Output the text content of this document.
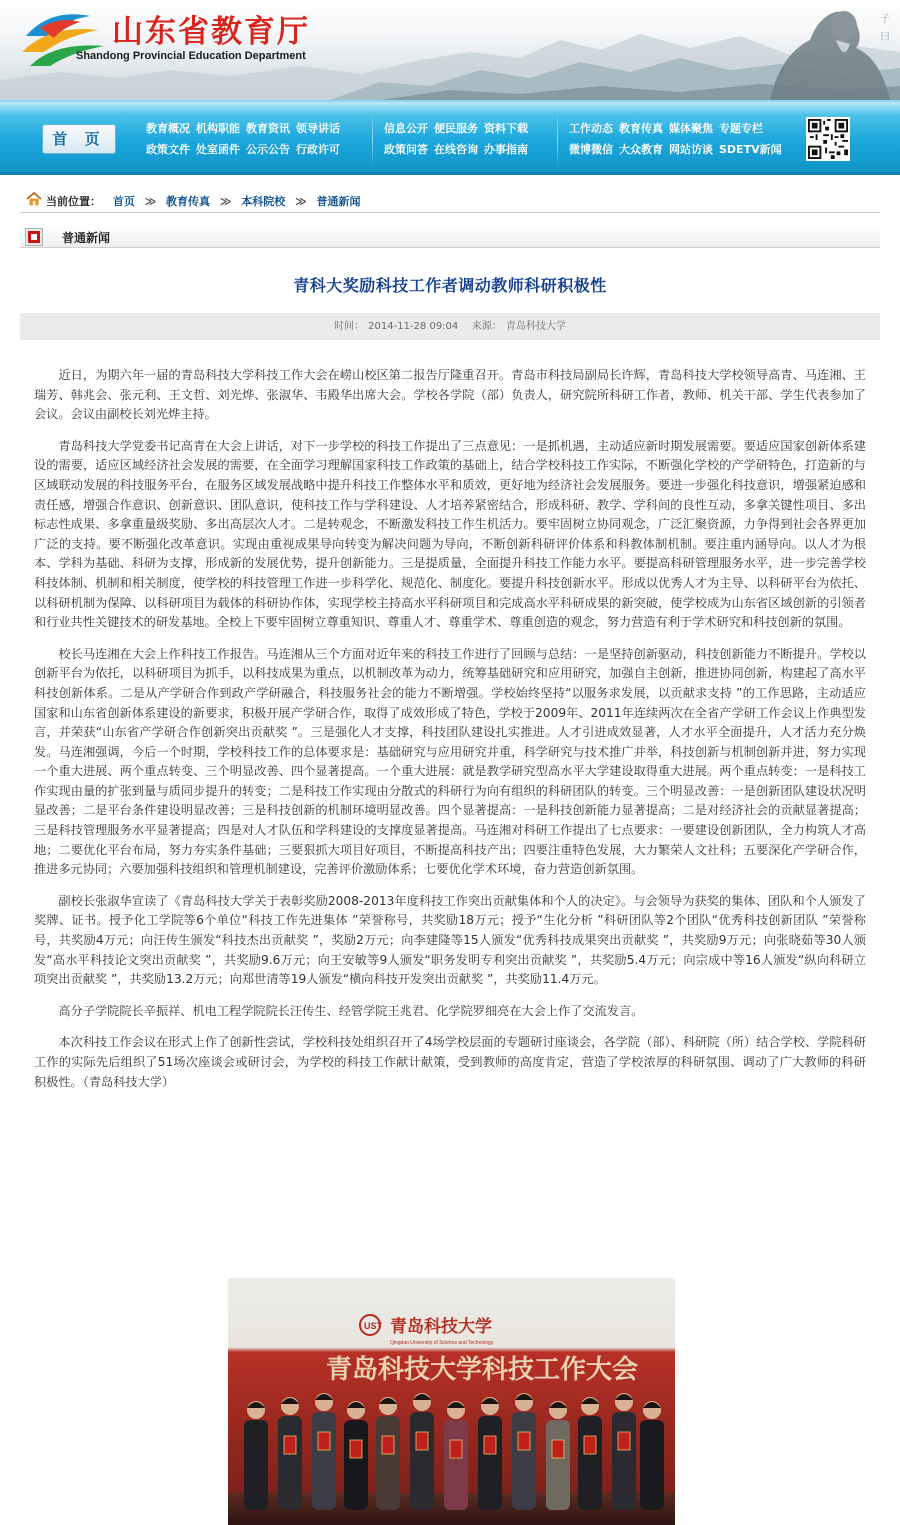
山东省教育厅
Shandong Provincial Education Department
子
曰
首 页
教育概况 机构职能 教育资讯 领导讲话
政策文件 处室函件 公示公告 行政许可
信息公开 便民服务 资料下载
政策问答 在线咨询 办事指南
工作动态 教育传真 媒体聚焦 专题专栏
微博微信 大众教育 网站访谈 SDETV新闻
当前位置： 首页 ≫ 教育传真 ≫ 本科院校 ≫ 普通新闻
普通新闻
青科大奖励科技工作者调动教师科研积极性
时间： 2014-11-28 09:04 来源： 青岛科技大学

近日，为期六年一届的青岛科技大学科技工作大会在崂山校区第二报告厅隆重召开。青岛市科技局副局长许辉，青岛科技大学校领导高青、马连湘、王瑞芳、韩兆会、张元利、王文哲、刘光烨、张淑华、韦殿华出席大会。学校各学院（部）负责人，研究院所科研工作者，教师、机关干部、学生代表参加了会议。会议由副校长刘光烨主持。

青岛科技大学党委书记高青在大会上讲话，对下一步学校的科技工作提出了三点意见：一是抓机遇，主动适应新时期发展需要。要适应国家创新体系建设的需要，适应区域经济社会发展的需要，在全面学习理解国家科技工作政策的基础上，结合学校科技工作实际，不断强化学校的产学研特色，打造新的与区域联动发展的科技服务平台，在服务区域发展战略中提升科技工作整体水平和质效，更好地为经济社会发展服务。要进一步强化科技意识，增强紧迫感和责任感，增强合作意识、创新意识、团队意识，使科技工作与学科建设、人才培养紧密结合，形成科研、教学、学科间的良性互动，多拿关键性项目、多出标志性成果、多拿重量级奖励、多出高层次人才。二是转观念，不断激发科技工作生机活力。要牢固树立协同观念，广泛汇聚资源，力争得到社会各界更加广泛的支持。要不断强化改革意识。实现由重视成果导向转变为解决问题为导向，不断创新科研评价体系和科教体制机制。要注重内涵导向。以人才为根本、学科为基础、科研为支撑，形成新的发展优势，提升创新能力。三是提质量，全面提升科技工作能力水平。要提高科研管理服务水平，进一步完善学校科技体制、机制和相关制度，使学校的科技管理工作进一步科学化、规范化、制度化。要提升科技创新水平。形成以优秀人才为主导、以科研平台为依托、以科研机制为保障、以科研项目为载体的科研协作体，实现学校主持高水平科研项目和完成高水平科研成果的新突破，使学校成为山东省区域创新的引领者和行业共性关键技术的研发基地。全校上下要牢固树立尊重知识、尊重人才、尊重学术、尊重创造的观念，努力营造有利于学术研究和科技创新的氛围。

校长马连湘在大会上作科技工作报告。马连湘从三个方面对近年来的科技工作进行了回顾与总结：一是坚持创新驱动，科技创新能力不断提升。学校以创新平台为依托，以科研项目为抓手，以科技成果为重点，以机制改革为动力，统筹基础研究和应用研究，加强自主创新，推进协同创新，构建起了高水平科技创新体系。二是从产学研合作到政产学研融合，科技服务社会的能力不断增强。学校始终坚持“以服务求发展，以贡献求支持 ”的工作思路，主动适应国家和山东省创新体系建设的新要求，积极开展产学研合作，取得了成效形成了特色，学校于2009年、2011年连续两次在全省产学研工作会议上作典型发言，并荣获“山东省产学研合作创新突出贡献奖 ”。三是强化人才支撑，科技团队建设扎实推进。人才引进成效显著，人才水平全面提升，人才活力充分焕发。马连湘强调，今后一个时期，学校科技工作的总体要求是：基础研究与应用研究并重，科学研究与技术推广并举，科技创新与机制创新并进，努力实现一个重大进展、两个重点转变、三个明显改善、四个显著提高。一个重大进展：就是教学研究型高水平大学建设取得重大进展。两个重点转变：一是科技工作实现由量的扩张到量与质同步提升的转变；二是科技工作实现由分散式的科研行为向有组织的科研团队的转变。三个明显改善：一是创新团队建设状况明显改善；二是平台条件建设明显改善；三是科技创新的机制环境明显改善。四个显著提高：一是科技创新能力显著提高；二是对经济社会的贡献显著提高；三是科技管理服务水平显著提高；四是对人才队伍和学科建设的支撑度显著提高。马连湘对科研工作提出了七点要求：一要建设创新团队，全力构筑人才高地；二要优化平台布局，努力夯实条件基础；三要狠抓大项目好项目，不断提高科技产出；四要注重特色发展，大力繁荣人文社科；五要深化产学研合作，推进多元协同；六要加强科技组织和管理机制建设，完善评价激励体系；七要优化学术环境，奋力营造创新氛围。

副校长张淑华宣读了《青岛科技大学关于表彰奖励2008-2013年度科技工作突出贡献集体和个人的决定》。与会领导为获奖的集体、团队和个人颁发了奖牌、证书。授予化工学院等6个单位“科技工作先进集体 ”荣誉称号，共奖励18万元；授予“生化分析 ”科研团队等2个团队“优秀科技创新团队 ”荣誉称号，共奖励4万元；向汪传生颁发“科技杰出贡献奖 ”，奖励2万元；向李建隆等15人颁发“优秀科技成果突出贡献奖 ”，共奖励9万元；向张晓茹等30人颁发“高水平科技论文突出贡献奖 ”，共奖励9.6万元；向王安敏等9人颁发“职务发明专利突出贡献奖 ”，共奖励5.4万元；向宗成中等16人颁发“纵向科研立项突出贡献奖 ”，共奖励13.2万元；向郑世清等19人颁发“横向科技开发突出贡献奖 ”，共奖励11.4万元。

高分子学院院长辛振祥、机电工程学院院长汪传生、经管学院王兆君、化学院罗细亮在大会上作了交流发言。

本次科技工作会议在形式上作了创新性尝试，学校科技处组织召开了4场学校层面的专题研讨座谈会，各学院（部）、科研院（所）结合学校、学院科研工作的实际先后组织了51场次座谈会或研讨会，为学校的科技工作献计献策，受到教师的高度肯定，营造了学校浓厚的科研氛围、调动了广大教师的科研积极性。（青岛科技大学）

UST 青岛科技大学
Qingdao University of Science and Technology
青岛科技大学科技工作大会
